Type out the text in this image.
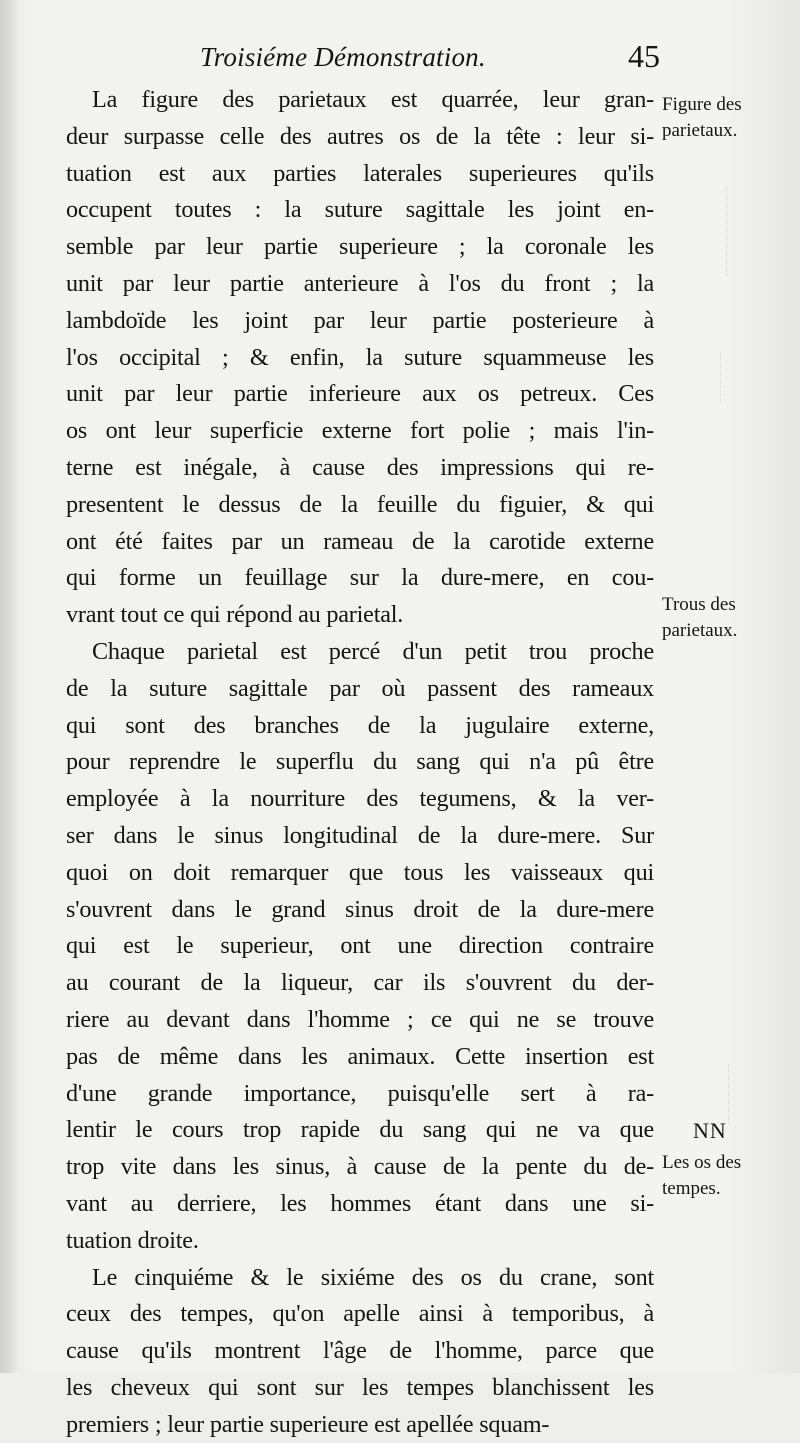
Troisiéme Démonstration.	45
La figure des parietaux est quarrée, leur gran-
deur surpasse celle des autres os de la tête : leur si-
tuation est aux parties laterales superieures qu'ils
occupent toutes : la suture sagittale les joint en-
semble par leur partie superieure ; la coronale les
unit par leur partie anterieure à l'os du front ; la
lambdoïde les joint par leur partie posterieure à
l'os occipital ; & enfin, la suture squammeuse les
unit par leur partie inferieure aux os petreux. Ces
os ont leur superficie externe fort polie ; mais l'in-
terne est inégale, à cause des impressions qui re-
presentent le dessus de la feuille du figuier, & qui
ont été faites par un rameau de la carotide externe
qui forme un feuillage sur la dure-mere, en cou-
vrant tout ce qui répond au parietal.
Chaque parietal est percé d'un petit trou proche
de la suture sagittale par où passent des rameaux
qui sont des branches de la jugulaire externe,
pour reprendre le superflu du sang qui n'a pû être
employée à la nourriture des tegumens, & la ver-
ser dans le sinus longitudinal de la dure-mere. Sur
quoi on doit remarquer que tous les vaisseaux qui
s'ouvrent dans le grand sinus droit de la dure-mere
qui est le superieur, ont une direction contraire
au courant de la liqueur, car ils s'ouvrent du der-
riere au devant dans l'homme ; ce qui ne se trouve
pas de même dans les animaux. Cette insertion est
d'une grande importance, puisqu'elle sert à ra-
lentir le cours trop rapide du sang qui ne va que
trop vite dans les sinus, à cause de la pente du de-
vant au derriere, les hommes étant dans une si-
tuation droite.
Le cinquiéme & le sixiéme des os du crane, sont
ceux des tempes, qu'on apelle ainsi à temporibus, à
cause qu'ils montrent l'âge de l'homme, parce que
les cheveux qui sont sur les tempes blanchissent les
premiers ; leur partie superieure est apellée squam-
Figure des
parietaux.
Trous des
parietaux.
Les os des
tempes.
NN
